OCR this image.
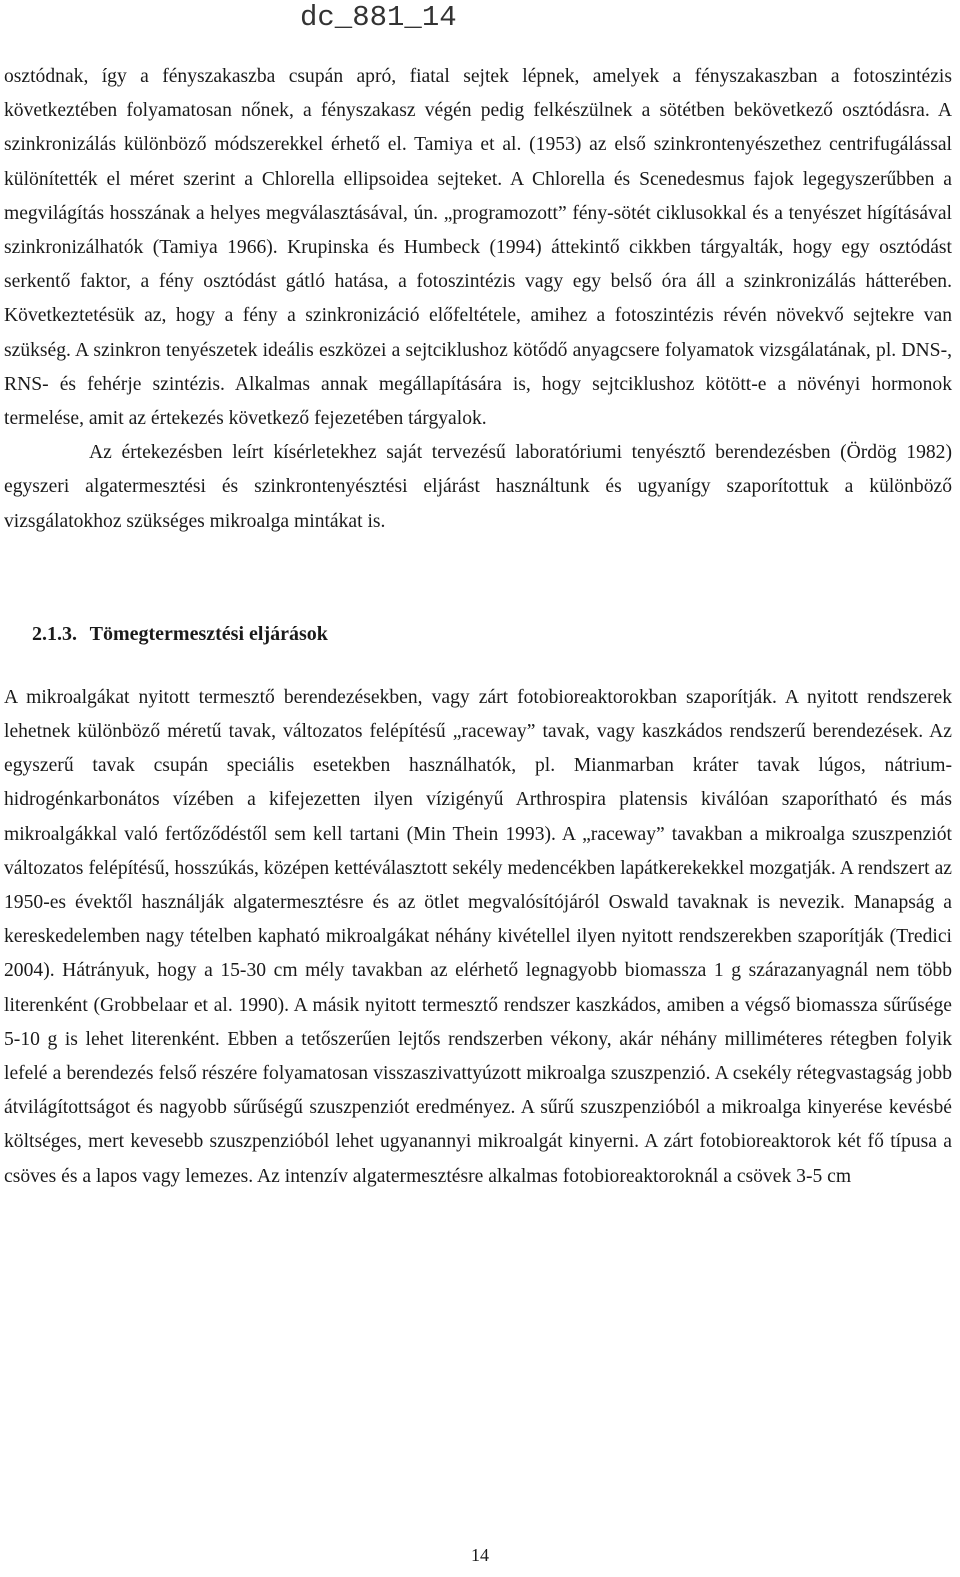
dc_881_14

osztódnak, így a fényszakaszba csupán apró, fiatal sejtek lépnek, amelyek a fényszakaszban a fotoszintézis következtében folyamatosan nőnek, a fényszakasz végén pedig felkészülnek a sötétben bekövetkező osztódásra. A szinkronizálás különböző módszerekkel érhető el. Tamiya et al. (1953) az első szinkrontenyészethez centrifugálással különítették el méret szerint a Chlorella ellipsoidea sejteket. A Chlorella és Scenedesmus fajok legegyszerűbben a megvilágítás hosszának a helyes megválasztásával, ún. „programozott” fény-sötét ciklusokkal és a tenyészet hígításával szinkronizálhatók (Tamiya 1966). Krupinska és Humbeck (1994) áttekintő cikkben tárgyalták, hogy egy osztódást serkentő faktor, a fény osztódást gátló hatása, a fotoszintézis vagy egy belső óra áll a szinkronizálás hátterében. Következtetésük az, hogy a fény a szinkronizáció előfeltétele, amihez a fotoszintézis révén növekvő sejtekre van szükség. A szinkron tenyészetek ideális eszközei a sejtciklushoz kötődő anyagcsere folyamatok vizsgálatának, pl. DNS-, RNS- és fehérje szintézis. Alkalmas annak megállapítására is, hogy sejtciklushoz kötött-e a növényi hormonok termelése, amit az értekezés következő fejezetében tárgyalok.

Az értekezésben leírt kísérletekhez saját tervezésű laboratóriumi tenyésztő berendezésben (Ördög 1982) egyszeri algatermesztési és szinkrontenyésztési eljárást használtunk és ugyanígy szaporítottuk a különböző vizsgálatokhoz szükséges mikroalga mintákat is.

2.1.3. Tömegtermesztési eljárások

A mikroalgákat nyitott termesztő berendezésekben, vagy zárt fotobioreaktorokban szaporítják. A nyitott rendszerek lehetnek különböző méretű tavak, változatos felépítésű „raceway” tavak, vagy kaszkádos rendszerű berendezések. Az egyszerű tavak csupán speciális esetekben használhatók, pl. Mianmarban kráter tavak lúgos, nátrium-hidrogénkarbonátos vízében a kifejezetten ilyen vízigényű Arthrospira platensis kiválóan szaporítható és más mikroalgákkal való fertőződéstől sem kell tartani (Min Thein 1993). A „raceway” tavakban a mikroalga szuszpenziót változatos felépítésű, hosszúkás, középen kettéválasztott sekély medencékben lapátkerekekkel mozgatják. A rendszert az 1950-es évektől használják algatermesztésre és az ötlet megvalósítójáról Oswald tavaknak is nevezik. Manapság a kereskedelemben nagy tételben kapható mikroalgákat néhány kivétellel ilyen nyitott rendszerekben szaporítják (Tredici 2004). Hátrányuk, hogy a 15-30 cm mély tavakban az elérhető legnagyobb biomassza 1 g szárazanyagnál nem több literenként (Grobbelaar et al. 1990). A másik nyitott termesztő rendszer kaszkádos, amiben a végső biomassza sűrűsége 5-10 g is lehet literenként. Ebben a tetőszerűen lejtős rendszerben vékony, akár néhány milliméteres rétegben folyik lefelé a berendezés felső részére folyamatosan visszaszivattyúzott mikroalga szuszpenzió. A csekély rétegvastagság jobb átvilágítottságot és nagyobb sűrűségű szuszpenziót eredményez. A sűrű szuszpenzióból a mikroalga kinyerése kevésbé költséges, mert kevesebb szuszpenzióból lehet ugyanannyi mikroalgát kinyerni. A zárt fotobioreaktorok két fő típusa a csöves és a lapos vagy lemezes. Az intenzív algatermesztésre alkalmas fotobioreaktoroknál a csövek 3-5 cm

14
